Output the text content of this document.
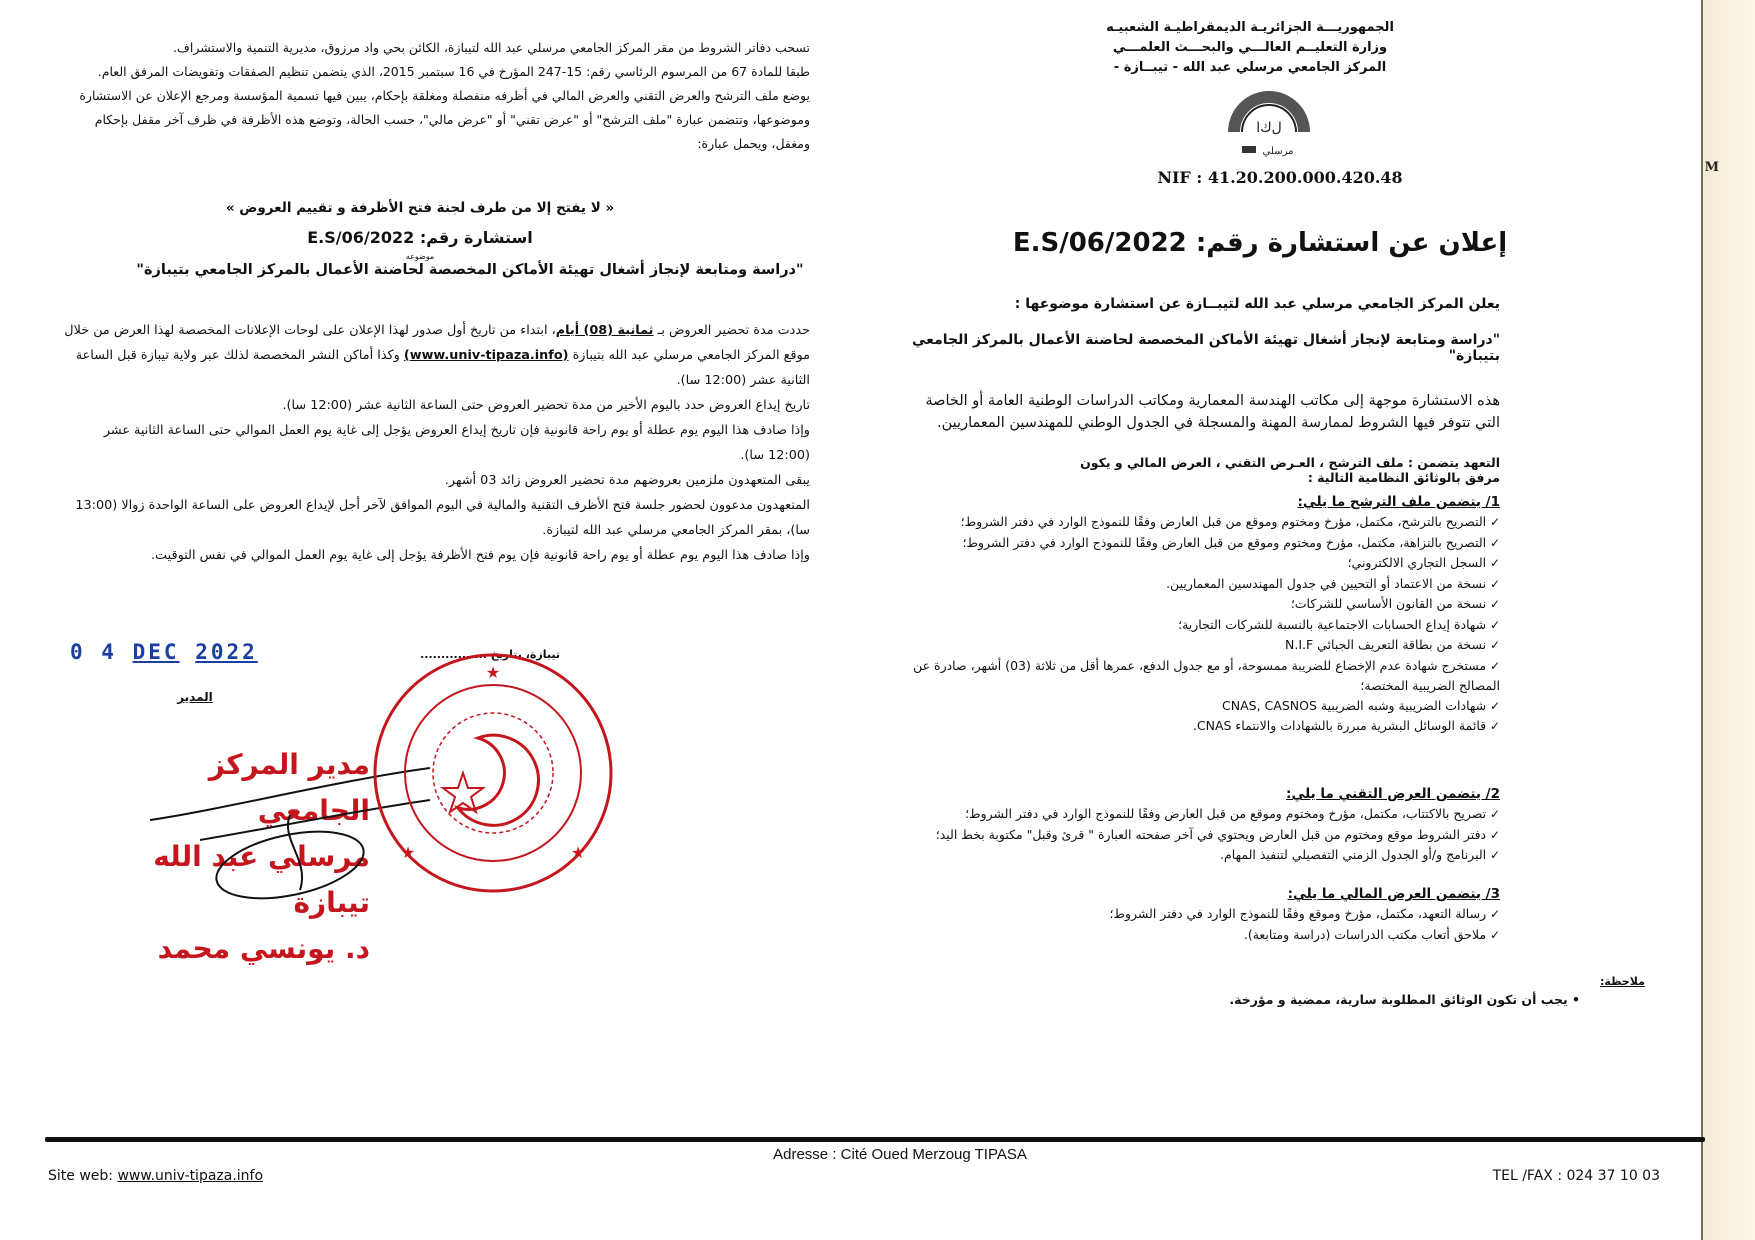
M
الجمهوريـــة الجزائريـة الديمقراطيـة الشعبيـه
وزارة التعليــم العالـــي والبحـــث العلمـــي
المركز الجامعي مرسلي عبد الله - تيبــازة -
ﻝﻙﺍ
ﻣﺮﺳﻠﻲ
NIF : 41.20.200.000.420.48
إعلان عن استشارة رقم: 2022/E.S/06
يعلن المركز الجامعي مرسلي عبد الله لتيبــازة عن استشارة موضوعها :
"دراسة ومتابعة لإنجاز أشغال تهيئة الأماكن المخصصة لحاضنة الأعمال بالمركز الجامعي بتيبازة"
هذه الاستشارة موجهة إلى مكاتب الهندسة المعمارية ومكاتب الدراسات الوطنية العامة أو الخاصة التي تتوفر فيها الشروط لممارسة المهنة والمسجلة في الجدول الوطني للمهندسين المعماريين.
التعهد يتضمن : ملف الترشح ، العـرض التقني ، العرض المالي و يكون مرفق بالوثائق النظامية التالية :
1/ يتضمن ملف الترشح ما يلي:
✓ التصريح بالترشح، مكتمل، مؤرخ ومختوم وموقع من قبل العارض وفقًا للنموذج الوارد في دفتر الشروط؛
✓ التصريح بالنزاهة، مكتمل، مؤرخ ومختوم وموقع من قبل العارض وفقًا للنموذج الوارد في دفتر الشروط؛
✓ السجل التجاري الالكتروني؛
✓ نسخة من الاعتماد أو التحيين في جدول المهندسين المعماريين.
✓ نسخة من القانون الأساسي للشركات؛
✓ شهادة إيداع الحسابات الاجتماعية بالنسبة للشركات التجارية؛
✓ نسخة من بطاقة التعريف الجبائي N.I.F
✓ مستخرج شهادة عدم الإخضاع للضريبة ممسوحة، أو مع جدول الدفع، عمرها أقل من ثلاثة (03) أشهر، صادرة عن المصالح الضريبية المختصة؛
✓ شهادات الضريبية وشبه الضريبية CNAS, CASNOS
✓ قائمة الوسائل البشرية مبررة بالشهادات والانتماء CNAS.
2/ يتضمن العرض التقني ما يلي:
✓ تصريح بالاكتتاب، مكتمل، مؤرخ ومختوم وموقع من قبل العارض وفقًا للنموذج الوارد في دفتر الشروط؛
✓ دفتر الشروط موقع ومختوم من قبل العارض ويحتوي في آخر صفحته العبارة " قرئ وقبل" مكتوبة بخط اليد؛
✓ البرنامج و/أو الجدول الزمني التفصيلي لتنفيذ المهام.
3/ يتضمن العرض المالي ما يلي:
✓ رسالة التعهد، مكتمل، مؤرخ وموقع وفقًا للنموذج الوارد في دفتر الشروط؛
✓ ملاحق أتعاب مكتب الدراسات (دراسة ومتابعة).
ملاحظة:
• يجب أن تكون الوثائق المطلوبة سارية، ممضية و مؤرخة.
تسحب دفاتر الشروط من مقر المركز الجامعي مرسلي عبد الله لتيبازة، الكائن بحي واد مرزوق، مديرية التنمية والاستشراف.
طبقا للمادة 67 من المرسوم الرئاسي رقم: 15-247 المؤرخ في 16 سبتمبر 2015، الذي يتضمن تنظيم الصفقات وتفويضات المرفق العام.
يوضع ملف الترشح والعرض التقني والعرض المالي في أظرفه منفصلة ومغلقة بإحكام، يبين فيها تسمية المؤسسة ومرجع الإعلان عن الاستشارة وموضوعها، وتتضمن عبارة "ملف الترشح" أو "عرض تقني" أو "عرض مالي"، حسب الحالة، وتوضع هذه الأظرفة في ظرف آخر مقفل بإحكام ومغفل، ويحمل عبارة:
« لا يفتح إلا من طرف لجنة فتح الأظرفة و تقييم العروض »
استشارة رقم: 2022/E.S/06
موضوعه
"دراسة ومتابعة لإنجاز أشغال تهيئة الأماكن المخصصة لحاضنة الأعمال بالمركز الجامعي بتيبازة"
حددت مدة تحضير العروض بـ ثمانية (08) أيام، ابتداء من تاريخ أول صدور لهذا الإعلان على لوحات الإعلانات المخصصة لهذا العرض من خلال موقع المركز الجامعي مرسلي عبد الله بتيبازة (www.univ-tipaza.info) وكذا أماكن النشر المخصصة لذلك عبر ولاية تيبازة قبل الساعة الثانية عشر (12:00 سا).
تاريخ إيداع العروض حدد باليوم الأخير من مدة تحضير العروض حتى الساعة الثانية عشر (12:00 سا).
وإذا صادف هذا اليوم يوم عطلة أو يوم راحة قانونية فإن تاريخ إيداع العروض يؤجل إلى غاية يوم العمل الموالي حتى الساعة الثانية عشر (12:00 سا).
يبقى المتعهدون ملزمين بعروضهم مدة تحضير العروض زائد 03 أشهر.
المتعهدون مدعوون لحضور جلسة فتح الأظرف التقنية والمالية في اليوم الموافق لآخر أجل لإيداع العروض على الساعة الواحدة زوالا (13:00 سا)، بمقر المركز الجامعي مرسلي عبد الله لتيبازة.
وإذا صادف هذا اليوم يوم عطلة أو يوم راحة قانونية فإن يوم فتح الأظرفة يؤجل إلى غاية يوم العمل الموالي في نفس التوقيت.
0 4 DEC 2022	تيبازة، بتاريخ ................
المدير
مدير المركز الجامعي
مرسلي عبد الله تيبازة
د. يونسي محمد
★
★	★
Adresse : Cité Oued Merzoug TIPASA
Site web: www.univ-tipaza.info	TEL /FAX : 024 37 10 03
